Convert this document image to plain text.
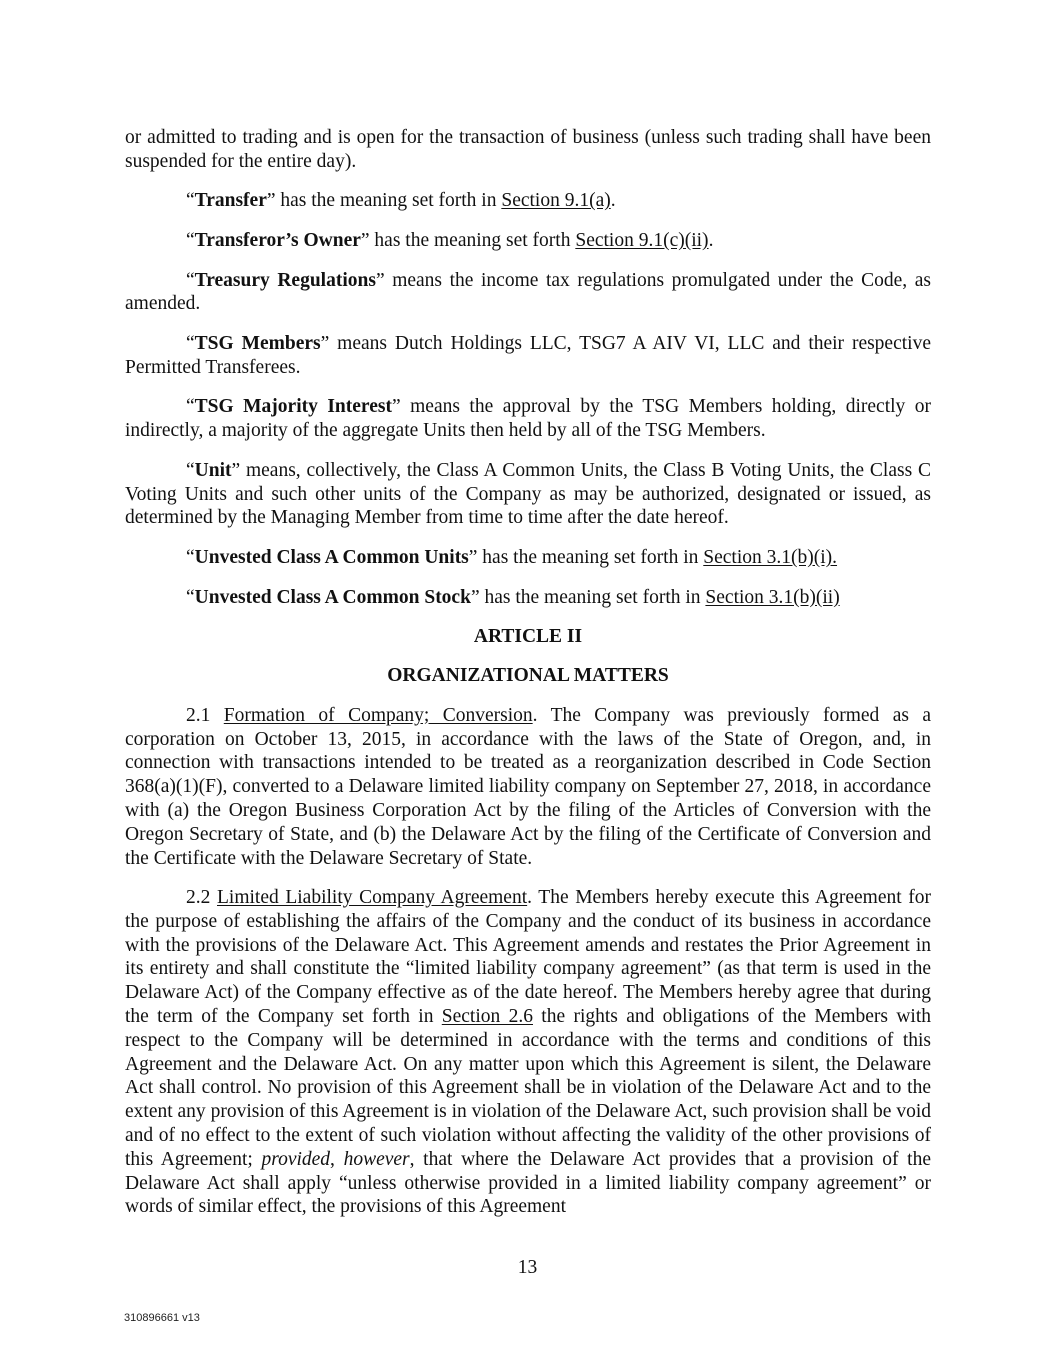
or admitted to trading and is open for the transaction of business (unless such trading shall have been suspended for the entire day).

“Transfer” has the meaning set forth in Section 9.1(a).

“Transferor’s Owner” has the meaning set forth Section 9.1(c)(ii).

“Treasury Regulations” means the income tax regulations promulgated under the Code, as amended.

“TSG Members” means Dutch Holdings LLC, TSG7 A AIV VI, LLC and their respective Permitted Transferees.

“TSG Majority Interest” means the approval by the TSG Members holding, directly or indirectly, a majority of the aggregate Units then held by all of the TSG Members.

“Unit” means, collectively, the Class A Common Units, the Class B Voting Units, the Class C Voting Units and such other units of the Company as may be authorized, designated or issued, as determined by the Managing Member from time to time after the date hereof.

“Unvested Class A Common Units” has the meaning set forth in Section 3.1(b)(i).

“Unvested Class A Common Stock” has the meaning set forth in Section 3.1(b)(ii)

ARTICLE II
ORGANIZATIONAL MATTERS

2.1 Formation of Company; Conversion. The Company was previously formed as a corporation on October 13, 2015, in accordance with the laws of the State of Oregon, and, in connection with transactions intended to be treated as a reorganization described in Code Section 368(a)(1)(F), converted to a Delaware limited liability company on September 27, 2018, in accordance with (a) the Oregon Business Corporation Act by the filing of the Articles of Conversion with the Oregon Secretary of State, and (b) the Delaware Act by the filing of the Certificate of Conversion and the Certificate with the Delaware Secretary of State.

2.2 Limited Liability Company Agreement. The Members hereby execute this Agreement for the purpose of establishing the affairs of the Company and the conduct of its business in accordance with the provisions of the Delaware Act. This Agreement amends and restates the Prior Agreement in its entirety and shall constitute the “limited liability company agreement” (as that term is used in the Delaware Act) of the Company effective as of the date hereof. The Members hereby agree that during the term of the Company set forth in Section 2.6 the rights and obligations of the Members with respect to the Company will be determined in accordance with the terms and conditions of this Agreement and the Delaware Act. On any matter upon which this Agreement is silent, the Delaware Act shall control. No provision of this Agreement shall be in violation of the Delaware Act and to the extent any provision of this Agreement is in violation of the Delaware Act, such provision shall be void and of no effect to the extent of such violation without affecting the validity of the other provisions of this Agreement; provided, however, that where the Delaware Act provides that a provision of the Delaware Act shall apply “unless otherwise provided in a limited liability company agreement” or words of similar effect, the provisions of this Agreement

13
310896661 v13
